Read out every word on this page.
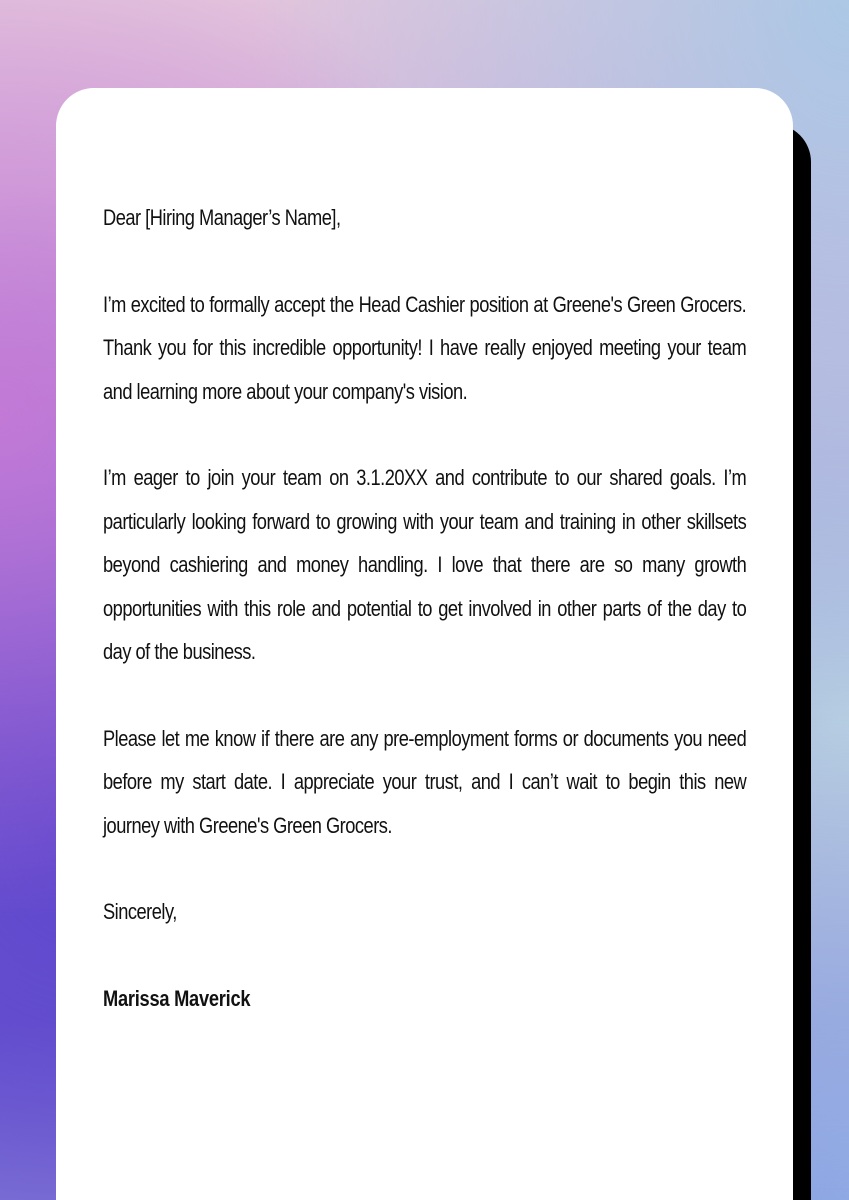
Dear [Hiring Manager’s Name],

I’m excited to formally accept the Head Cashier position at Greene's Green Grocers. Thank you for this incredible opportunity! I have really enjoyed meeting your team and learning more about your company's vision.

I’m eager to join your team on 3.1.20XX and contribute to our shared goals. I’m particularly looking forward to growing with your team and training in other skillsets beyond cashiering and money handling. I love that there are so many growth opportunities with this role and potential to get involved in other parts of the day to day of the business.

Please let me know if there are any pre-employment forms or documents you need before my start date. I appreciate your trust, and I can’t wait to begin this new journey with Greene's Green Grocers.

Sincerely,

Marissa Maverick
